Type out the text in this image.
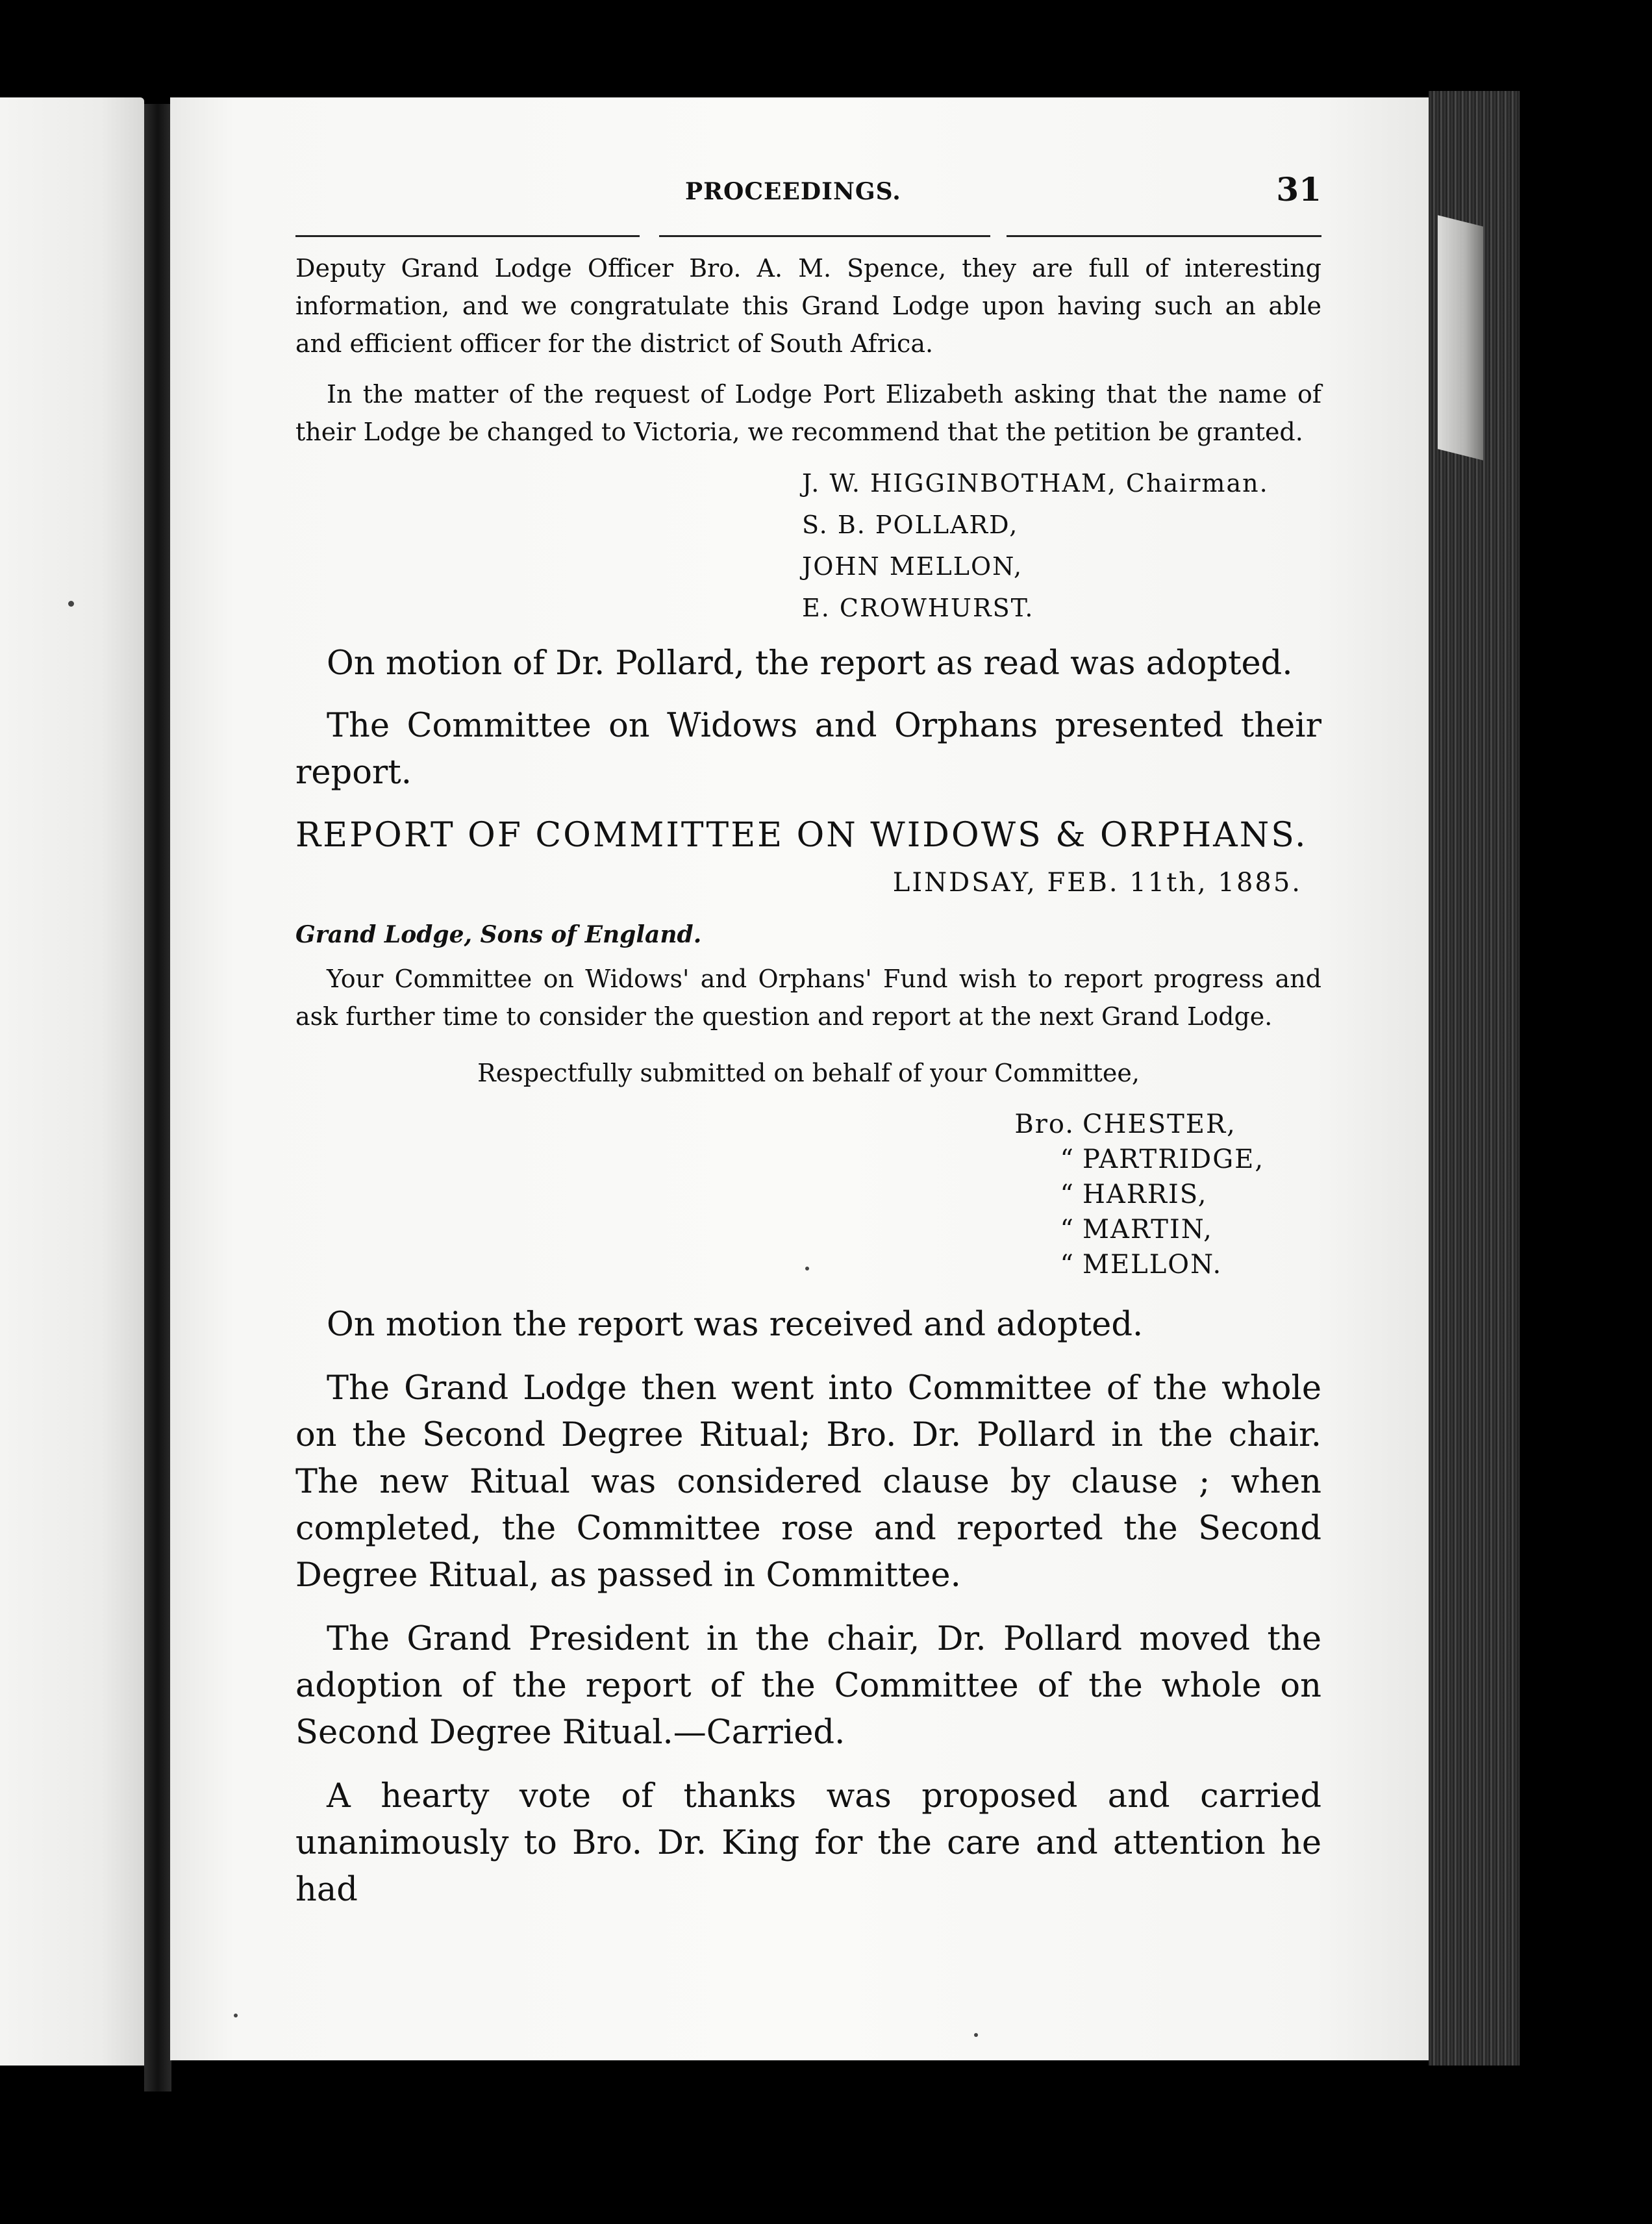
PROCEEDINGS.	31

Deputy Grand Lodge Officer Bro. A. M. Spence, they are full of interesting information, and we congratulate this Grand Lodge upon having such an able and efficient officer for the district of South Africa.

In the matter of the request of Lodge Port Elizabeth asking that the name of their Lodge be changed to Victoria, we recommend that the petition be granted.

J. W. HIGGINBOTHAM, Chairman.
S. B. POLLARD,
JOHN MELLON,
E. CROWHURST.

On motion of Dr. Pollard, the report as read was adopted.

The Committee on Widows and Orphans presented their report.

REPORT OF COMMITTEE ON WIDOWS & ORPHANS.
LINDSAY, FEB. 11th, 1885.
Grand Lodge, Sons of England.

Your Committee on Widows' and Orphans' Fund wish to report progress and ask further time to consider the question and report at the next Grand Lodge.

Respectfully submitted on behalf of your Committee,
Bro. CHESTER,
“ PARTRIDGE,
“ HARRIS,
“ MARTIN,
“ MELLON.

On motion the report was received and adopted.

The Grand Lodge then went into Committee of the whole on the Second Degree Ritual; Bro. Dr. Pollard in the chair. The new Ritual was considered clause by clause ; when completed, the Committee rose and reported the Second Degree Ritual, as passed in Committee.

The Grand President in the chair, Dr. Pollard moved the adoption of the report of the Committee of the whole on Second Degree Ritual.—Carried.

A hearty vote of thanks was proposed and carried unanimously to Bro. Dr. King for the care and attention he had
